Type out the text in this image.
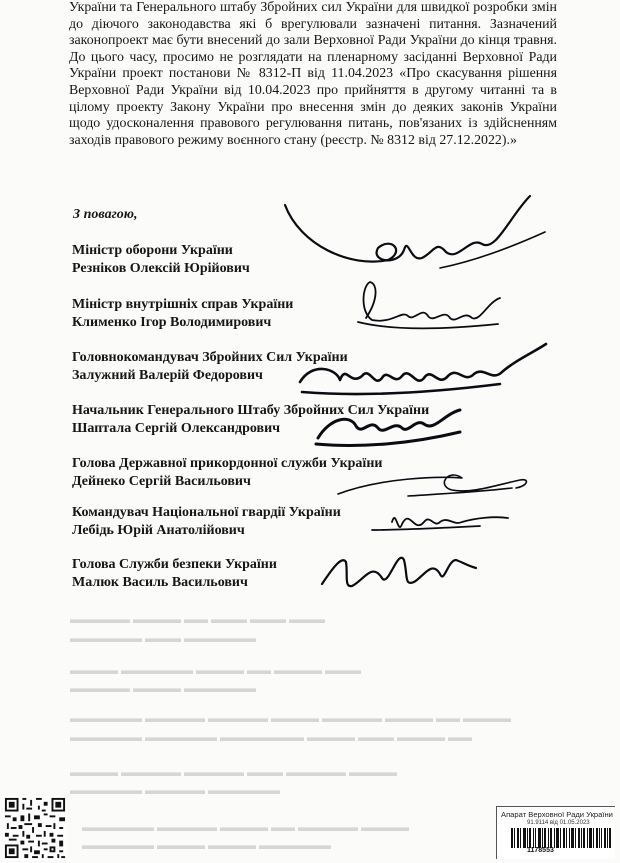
▬▬▬▬▬ ▬▬▬▬ ▬▬ ▬▬▬ ▬▬▬ ▬▬▬
▬▬▬▬▬▬ ▬▬▬ ▬▬▬▬▬▬
▬▬▬▬ ▬▬▬▬▬▬ ▬▬▬▬ ▬▬ ▬▬▬▬ ▬▬▬
▬▬▬▬▬ ▬▬▬▬ ▬▬▬▬▬▬
▬▬▬▬▬▬ ▬▬▬▬▬ ▬▬▬▬▬ ▬▬▬▬ ▬▬▬▬▬ ▬▬▬▬ ▬▬ ▬▬▬▬
▬▬▬▬▬▬ ▬▬▬▬▬▬ ▬▬▬▬▬▬▬ ▬▬▬▬ ▬▬▬ ▬▬▬▬ ▬▬
▬▬▬▬ ▬▬▬▬▬ ▬▬▬▬▬ ▬▬▬ ▬▬▬▬▬ ▬▬▬▬
▬▬▬▬▬▬ ▬▬▬▬▬ ▬▬▬▬▬▬
▬▬▬▬▬▬ ▬▬▬▬▬ ▬▬▬▬ ▬▬ ▬▬▬▬▬ ▬▬▬▬
▬▬▬▬▬▬ ▬▬▬▬ ▬▬▬▬ ▬▬▬▬▬▬

України та Генерального штабу Збройних сил України для швидкої розробки змін до діючого законодавства які б врегулювали зазначені питання. Зазначений законопроект має бути внесений до зали Верховної Ради України до кінця травня. До цього часу, просимо не розглядати на пленарному засіданні Верховної Ради України проект постанови № 8312-П від 11.04.2023 «Про скасування рішення Верховної Ради України від 10.04.2023 про прийняття в другому читанні та в цілому проекту Закону України про внесення змін до деяких законів України щодо удосконалення правового регулювання питань, пов'язаних із здійсненням заходів правового режиму воєнного стану (реєстр. № 8312 від 27.12.2022).»

З повагою,

Міністр оборони України
Резніков Олексій Юрійович
Міністр внутрішніх справ України
Клименко Ігор Володимирович
Головнокомандувач Збройних Сил України
Залужний Валерій Федорович
Начальник Генерального Штабу Збройних Сил України
Шаптала Сергій Олександрович
Голова Державної прикордонної служби України
Дейнеко Сергій Васильович
Командувач Національної гвардії України
Лебідь Юрій Анатолійович
Голова Служби безпеки України
Малюк Василь Васильович
Апарат Верховної Ради України
91.9114 від 01.05.2023
1178553
